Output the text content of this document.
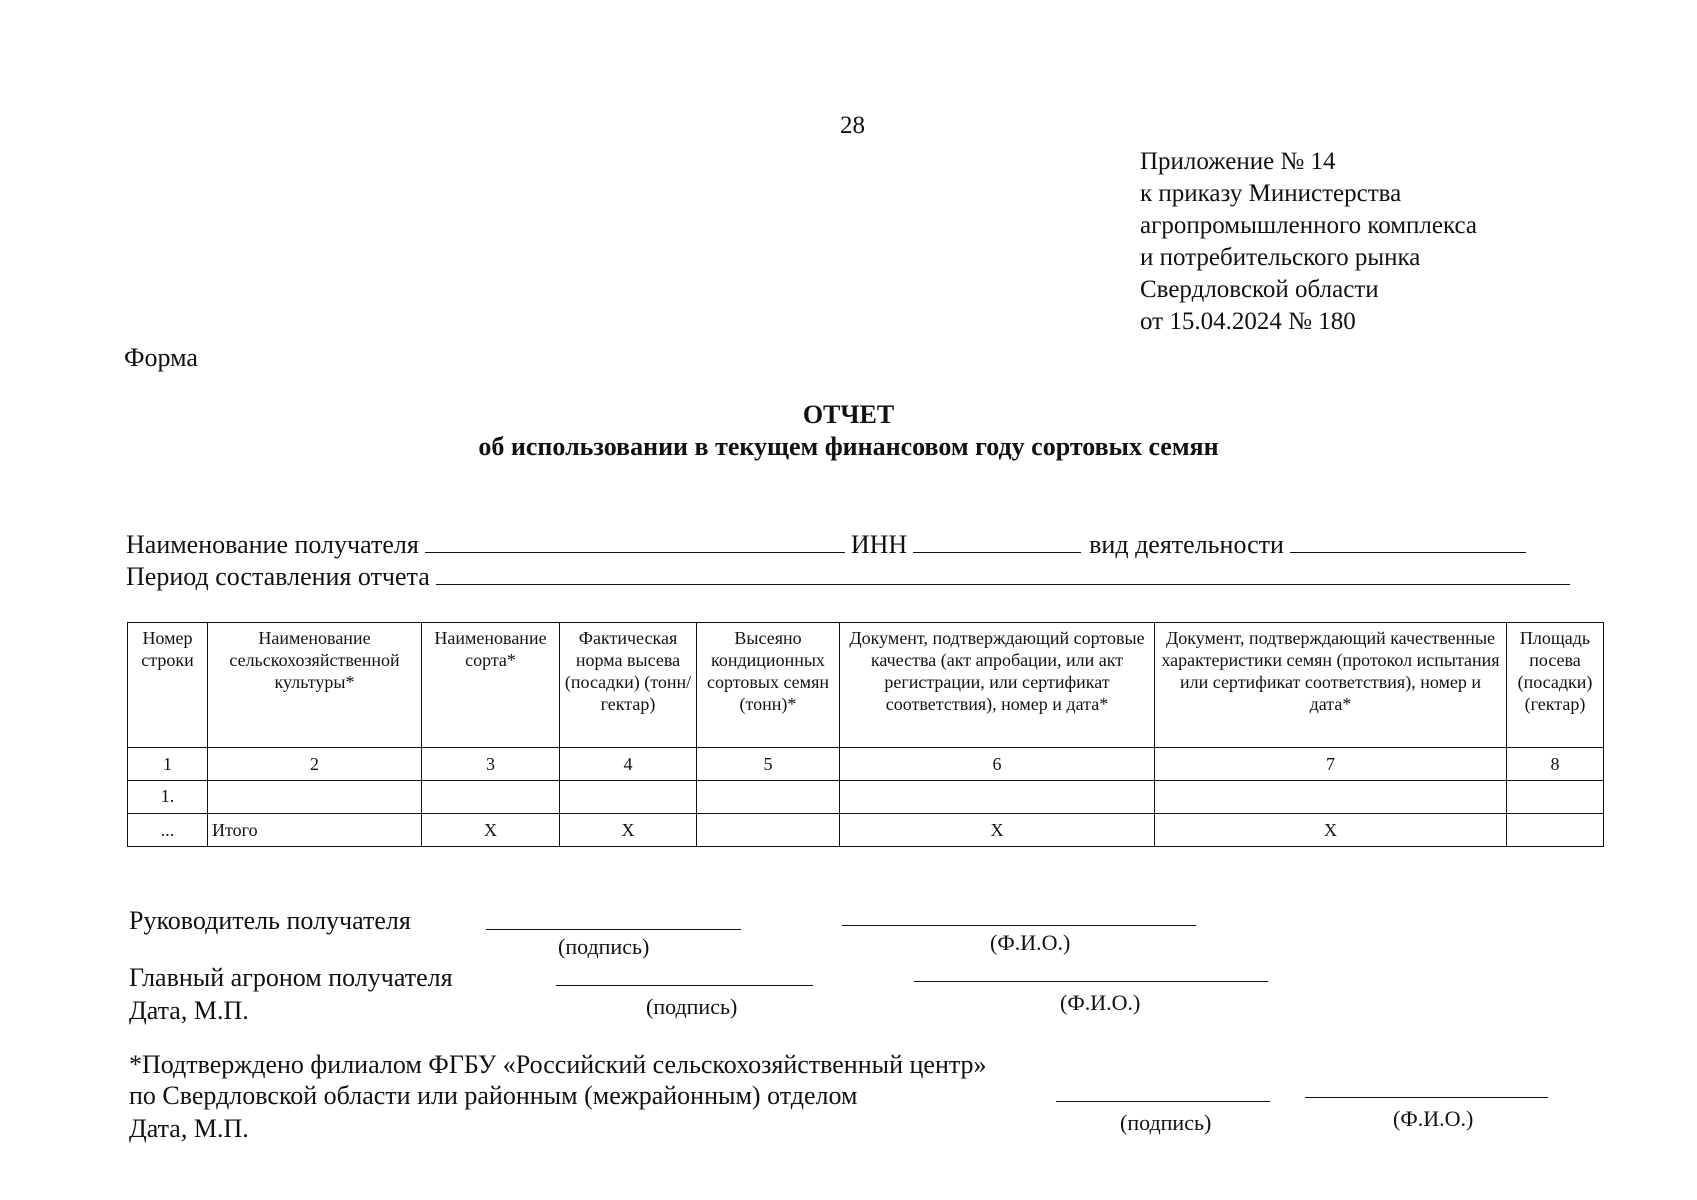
28
Приложение № 14
к приказу Министерства
агропромышленного комплекса
и потребительского рынка
Свердловской области
от 15.04.2024 № 180
Форма
ОТЧЕТ
об использовании в текущем финансовом году сортовых семян
Наименование получателя	ИНН	вид деятельности
Период составления отчета
Номер строки	Наименование сельскохозяйственной культуры*	Наименование сорта*	Фактическая норма высева (посадки) (тонн/гектар)	Высеяно кондиционных сортовых семян (тонн)*	Документ, подтверждающий сортовые качества (акт апробации, или акт регистрации, или сертификат соответствия), номер и дата*	Документ, подтверждающий качественные характеристики семян (протокол испытания или сертификат соответствия), номер и дата*	Площадь посева (посадки) (гектар)
1	2	3	4	5	6	7	8
1.							
...	Итого	Х	Х		Х	Х	
Руководитель получателя
(подпись)	(Ф.И.О.)
Главный агроном получателя
Дата, М.П.	(подпись)	(Ф.И.О.)
*Подтверждено филиалом ФГБУ «Российский сельскохозяйственный центр»
по Свердловской области или районным (межрайонным) отделом
Дата, М.П.	(подпись)	(Ф.И.О.)
